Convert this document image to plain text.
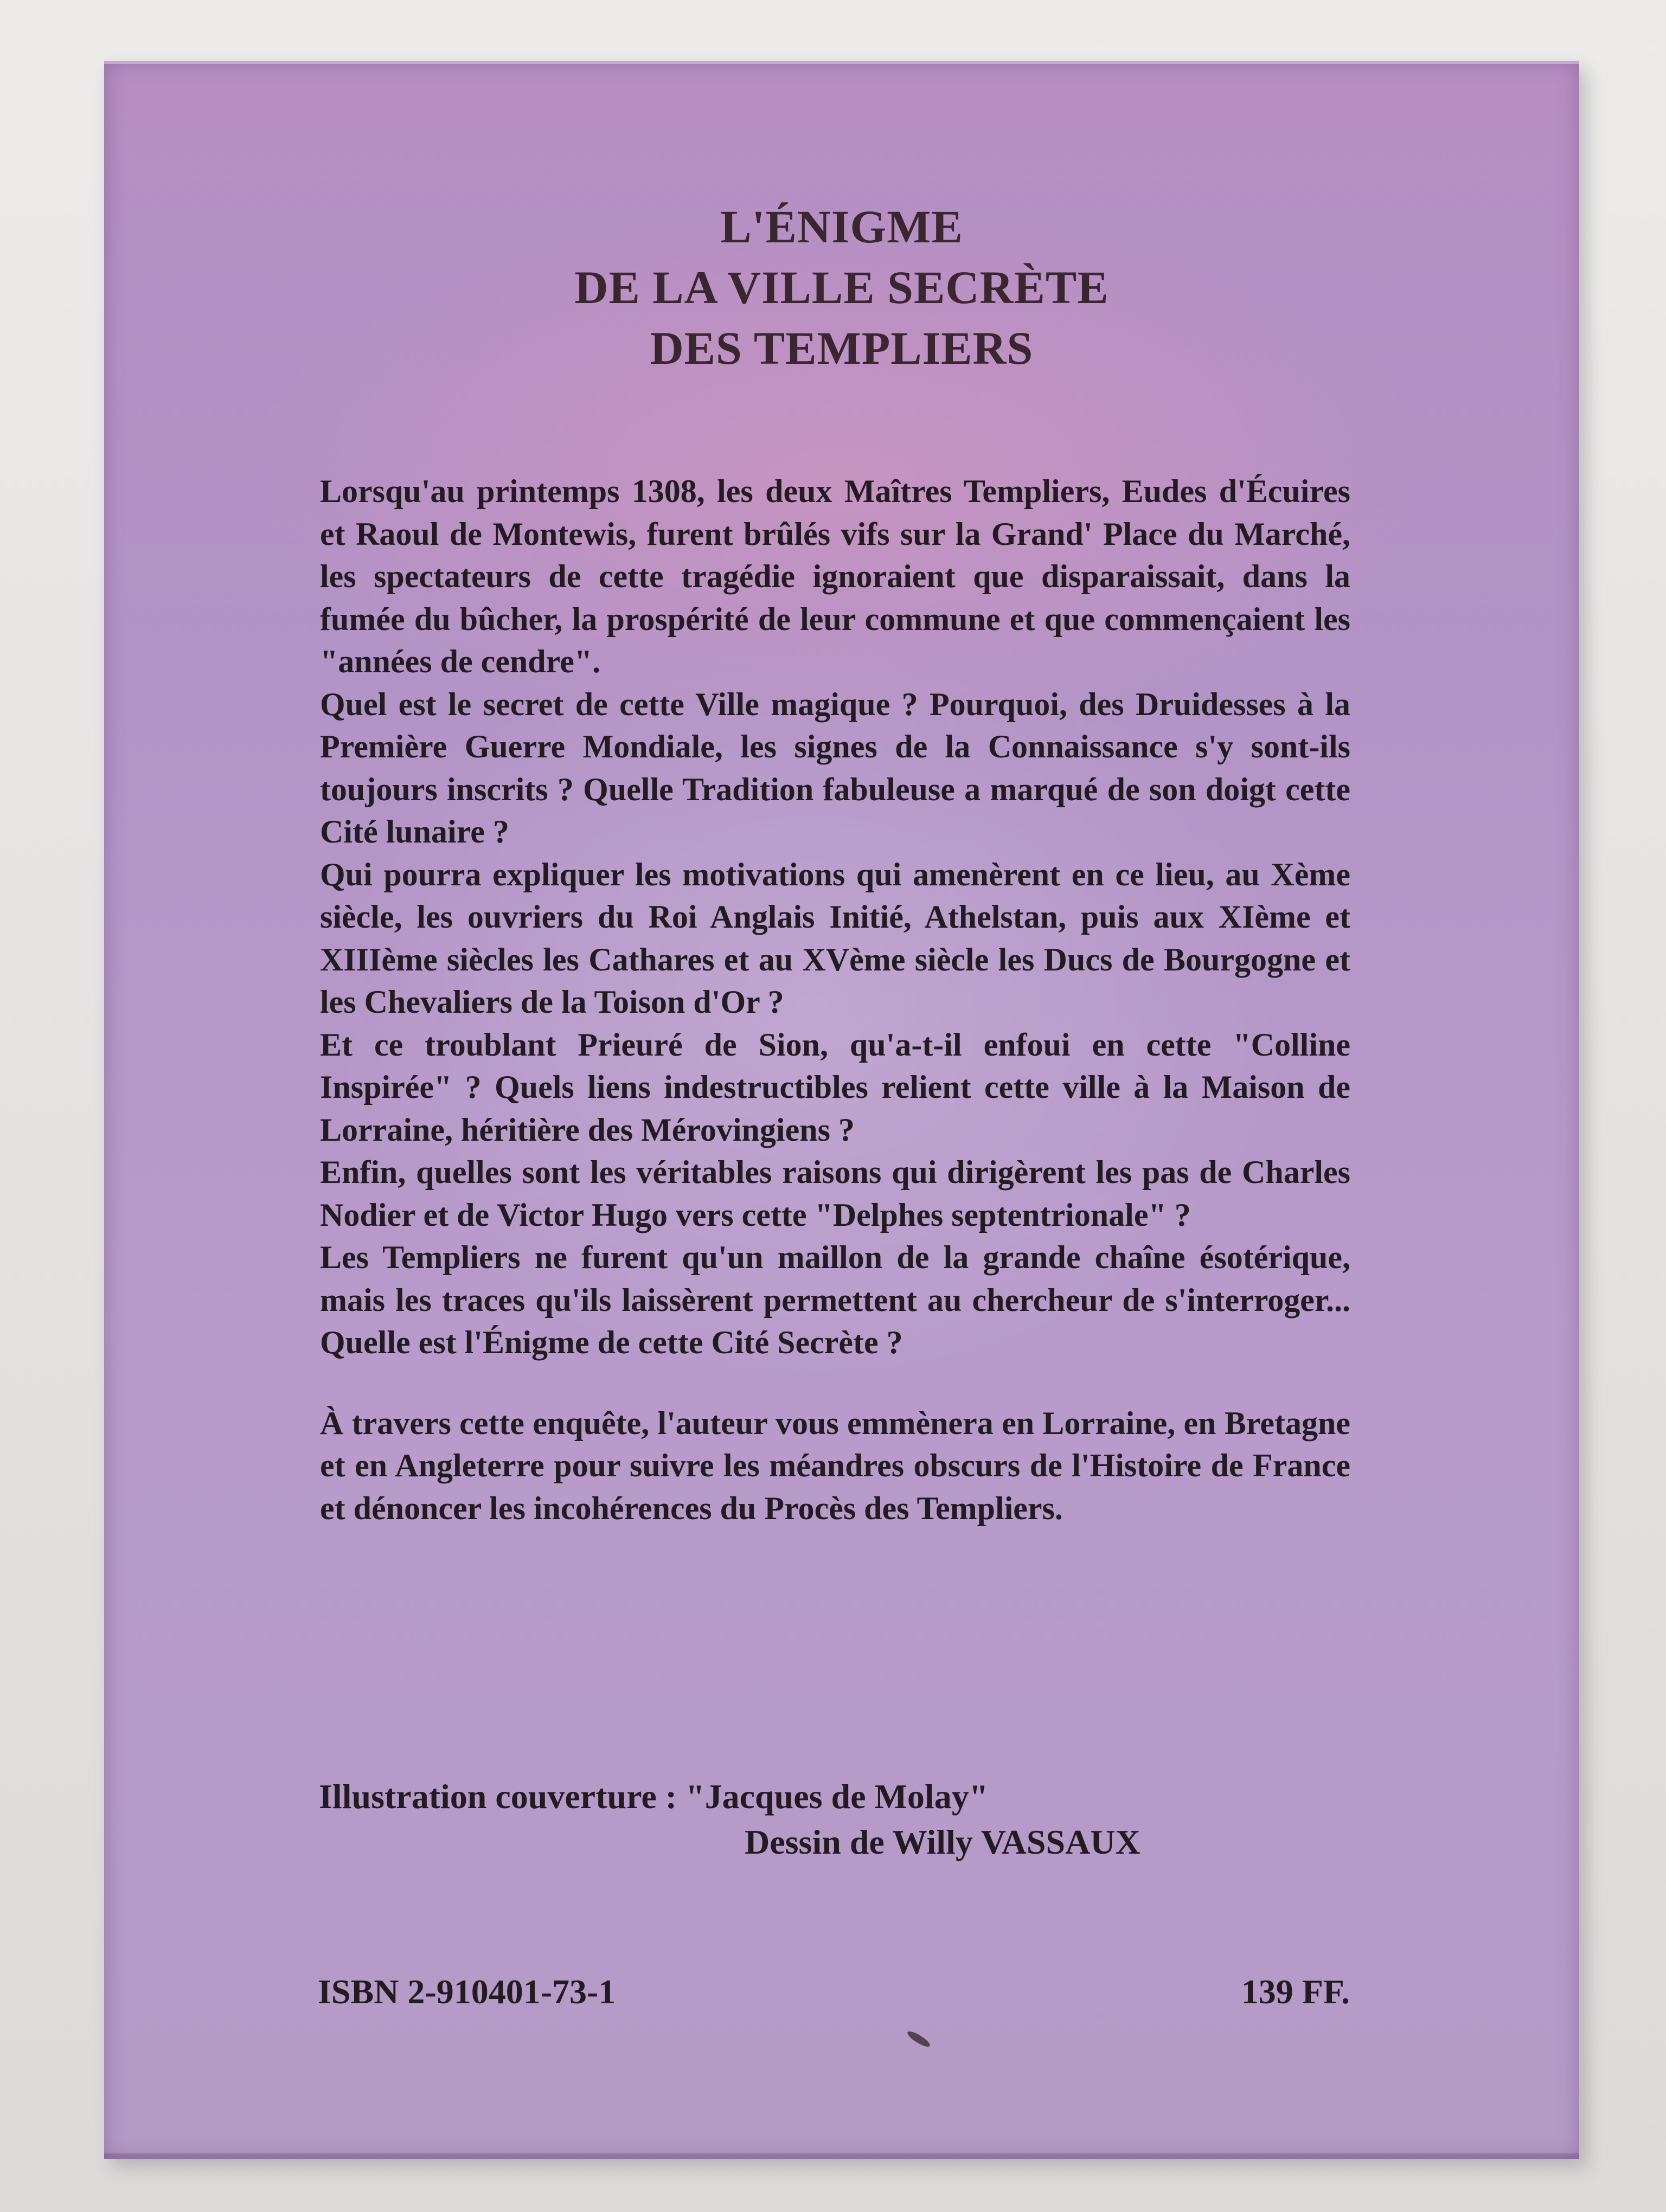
L'ÉNIGME
DE LA VILLE SECRÈTE
DES TEMPLIERS

Lorsqu'au printemps 1308, les deux Maîtres Templiers, Eudes d'Écuires et Raoul de Montewis, furent brûlés vifs sur la Grand' Place du Marché, les spectateurs de cette tragédie ignoraient que disparaissait, dans la fumée du bûcher, la prospérité de leur commune et que commençaient les "années de cendre".

Quel est le secret de cette Ville magique ? Pourquoi, des Druidesses à la Première Guerre Mondiale, les signes de la Connaissance s'y sont-ils toujours inscrits ? Quelle Tradition fabuleuse a marqué de son doigt cette Cité lunaire ?

Qui pourra expliquer les motivations qui amenèrent en ce lieu, au Xème siècle, les ouvriers du Roi Anglais Initié, Athelstan, puis aux XIème et XIIIème siècles les Cathares et au XVème siècle les Ducs de Bourgogne et les Chevaliers de la Toison d'Or ?

Et ce troublant Prieuré de Sion, qu'a-t-il enfoui en cette "Colline Inspirée" ? Quels liens indestructibles relient cette ville à la Maison de Lorraine, héritière des Mérovingiens ?

Enfin, quelles sont les véritables raisons qui dirigèrent les pas de Charles Nodier et de Victor Hugo vers cette "Delphes septentrionale" ?

Les Templiers ne furent qu'un maillon de la grande chaîne ésotérique, mais les traces qu'ils laissèrent permettent au chercheur de s'interroger... Quelle est l'Énigme de cette Cité Secrète ?

À travers cette enquête, l'auteur vous emmènera en Lorraine, en Bretagne et en Angleterre pour suivre les méandres obscurs de l'Histoire de France et dénoncer les incohérences du Procès des Templiers.

Illustration couverture : "Jacques de Molay"
Dessin de Willy VASSAUX
ISBN 2-910401-73-1	139 FF.
